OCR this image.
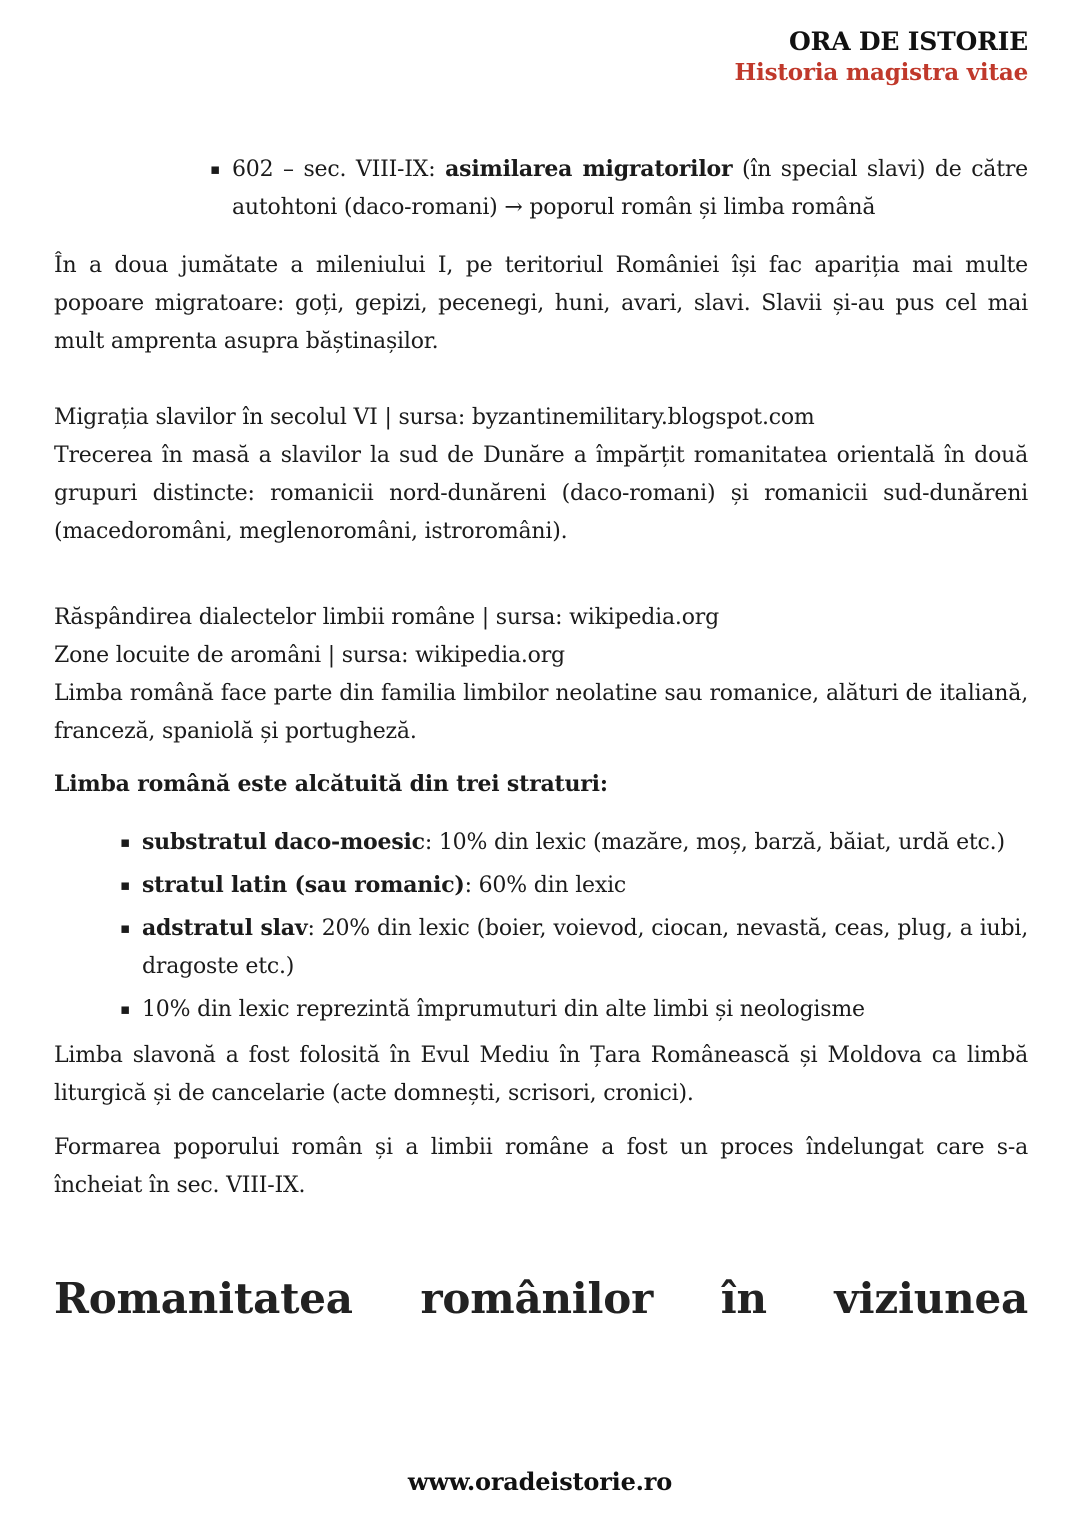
ORA DE ISTORIE
Historia magistra vitae
▪ 602 – sec. VIII-IX: asimilarea migratorilor (în special slavi) de către autohtoni (daco-romani) → poporul român și limba română

În a doua jumătate a mileniului I, pe teritoriul României își fac apariția mai multe popoare migratoare: goți, gepizi, pecenegi, huni, avari, slavi. Slavii și-au pus cel mai mult amprenta asupra băștinașilor.

Migrația slavilor în secolul VI | sursa: byzantinemilitary.blogspot.com

Trecerea în masă a slavilor la sud de Dunăre a împărțit romanitatea orientală în două grupuri distincte: romanicii nord-dunăreni (daco-romani) și romanicii sud-dunăreni (macedoromâni, meglenoromâni, istroromâni).

Răspândirea dialectelor limbii române | sursa: wikipedia.org

Zone locuite de aromâni | sursa: wikipedia.org

Limba română face parte din familia limbilor neolatine sau romanice, alături de italiană, franceză, spaniolă și portugheză.

Limba română este alcătuită din trei straturi:

▪ substratul daco-moesic: 10% din lexic (mazăre, moș, barză, băiat, urdă etc.)
▪ stratul latin (sau romanic): 60% din lexic
▪ adstratul slav: 20% din lexic (boier, voievod, ciocan, nevastă, ceas, plug, a iubi, dragoste etc.)
▪ 10% din lexic reprezintă împrumuturi din alte limbi și neologisme

Limba slavonă a fost folosită în Evul Mediu în Țara Românească și Moldova ca limbă liturgică și de cancelarie (acte domnești, scrisori, cronici).

Formarea poporului român și a limbii române a fost un proces îndelungat care s-a încheiat în sec. VIII-IX.

Romanitatea românilor în viziunea
www.oradeistorie.ro
